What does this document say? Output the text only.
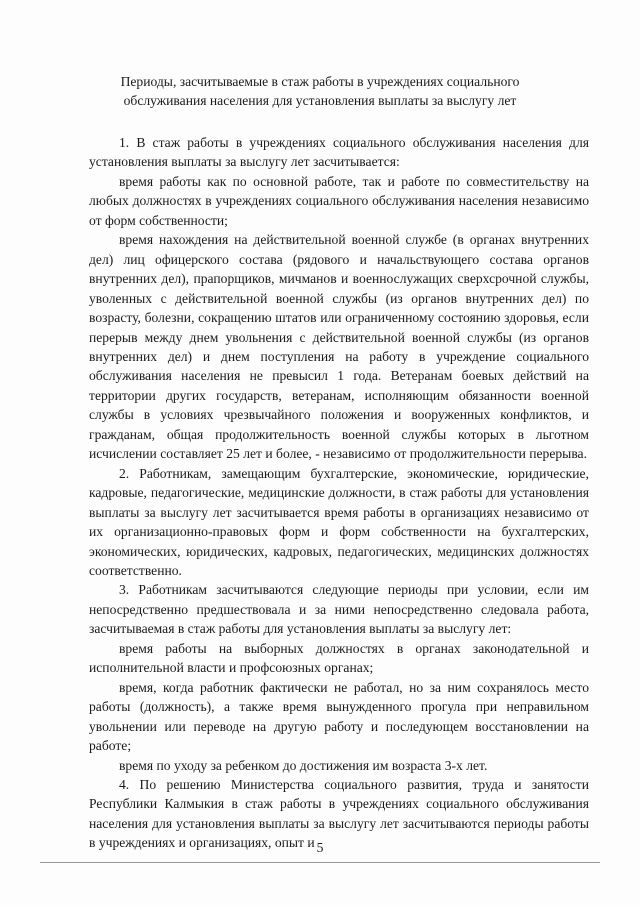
Периоды, засчитываемые в стаж работы в учреждениях социального
обслуживания населения для установления выплаты за выслугу лет

1. В стаж работы в учреждениях социального обслуживания населения для установления выплаты за выслугу лет засчитывается:

время работы как по основной работе, так и работе по совместительству на любых должностях в учреждениях социального обслуживания населения независимо от форм собственности;

время нахождения на действительной военной службе (в органах внутренних дел) лиц офицерского состава (рядового и начальствующего состава органов внутренних дел), прапорщиков, мичманов и военнослужащих сверхсрочной службы, уволенных с действительной военной службы (из органов внутренних дел) по возрасту, болезни, сокращению штатов или ограниченному состоянию здоровья, если перерыв между днем увольнения с действительной военной службы (из органов внутренних дел) и днем поступления на работу в учреждение социального обслуживания населения не превысил 1 года. Ветеранам боевых действий на территории других государств, ветеранам, исполняющим обязанности военной службы в условиях чрезвычайного положения и вооруженных конфликтов, и гражданам, общая продолжительность военной службы которых в льготном исчислении составляет 25 лет и более, - независимо от продолжительности перерыва.

2. Работникам, замещающим бухгалтерские, экономические, юридические, кадровые, педагогические, медицинские должности, в стаж работы для установления выплаты за выслугу лет засчитывается время работы в организациях независимо от их организационно-правовых форм и форм собственности на бухгалтерских, экономических, юридических, кадровых, педагогических, медицинских должностях соответственно.

3. Работникам засчитываются следующие периоды при условии, если им непосредственно предшествовала и за ними непосредственно следовала работа, засчитываемая в стаж работы для установления выплаты за выслугу лет:

время работы на выборных должностях в органах законодательной и исполнительной власти и профсоюзных органах;

время, когда работник фактически не работал, но за ним сохранялось место работы (должность), а также время вынужденного прогула при неправильном увольнении или переводе на другую работу и последующем восстановлении на работе;

время по уходу за ребенком до достижения им возраста 3-х лет.

4. По решению Министерства социального развития, труда и занятости Республики Калмыкия в стаж работы в учреждениях социального обслуживания населения для установления выплаты за выслугу лет засчитываются периоды работы в учреждениях и организациях, опыт и 5
